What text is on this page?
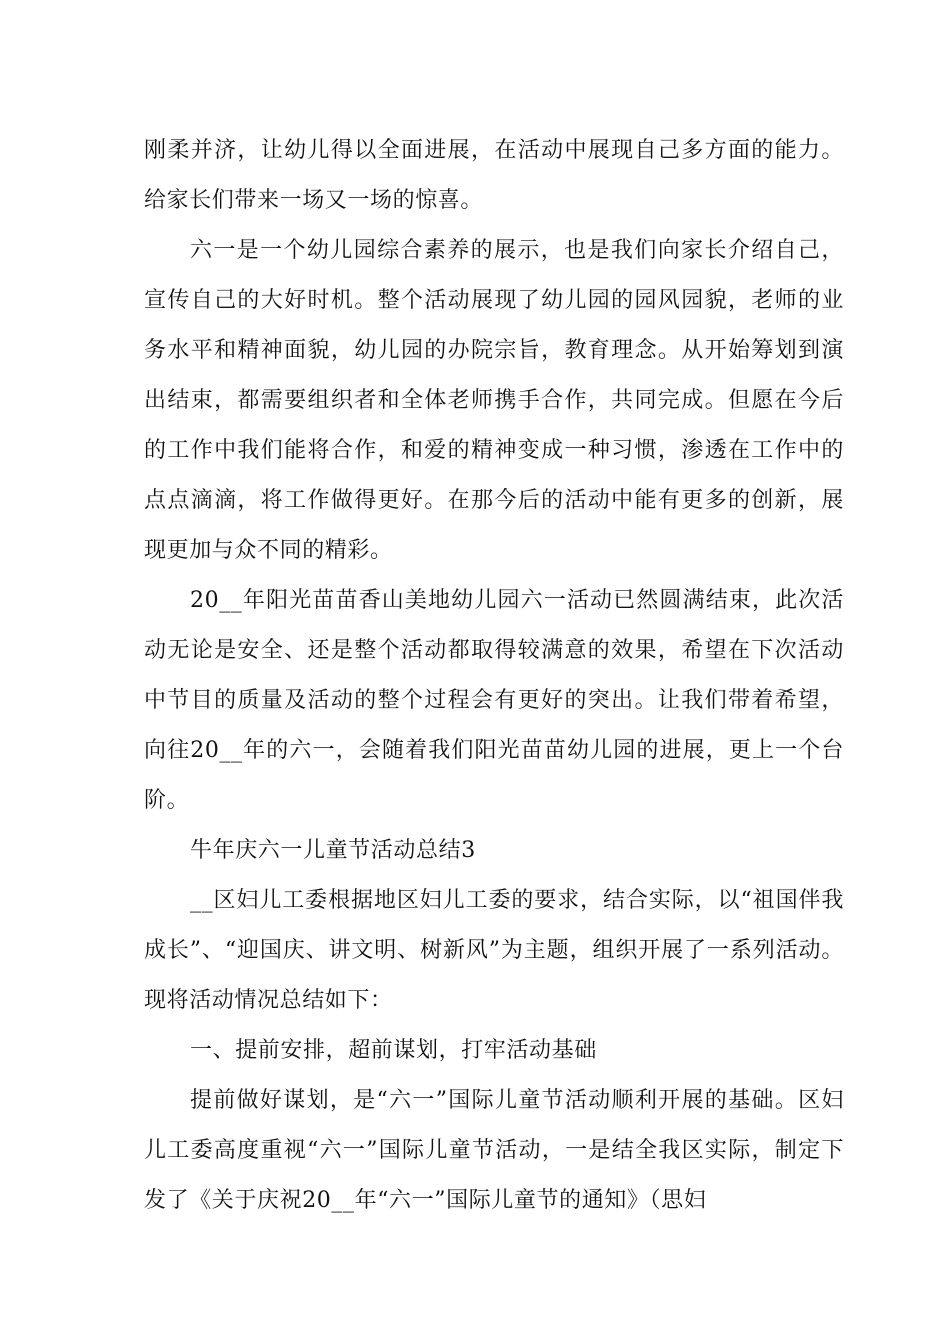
刚柔并济，让幼儿得以全面进展，在活动中展现自己多方面的能力。给家长们带来一场又一场的惊喜。

六一是一个幼儿园综合素养的展示，也是我们向家长介绍自己，宣传自己的大好时机。整个活动展现了幼儿园的园风园貌，老师的业务水平和精神面貌，幼儿园的办院宗旨，教育理念。从开始筹划到演出结束，都需要组织者和全体老师携手合作，共同完成。但愿在今后的工作中我们能将合作，和爱的精神变成一种习惯，渗透在工作中的点点滴滴，将工作做得更好。在那今后的活动中能有更多的创新，展现更加与众不同的精彩。

20__年阳光苗苗香山美地幼儿园六一活动已然圆满结束，此次活动无论是安全、还是整个活动都取得较满意的效果，希望在下次活动中节目的质量及活动的整个过程会有更好的突出。让我们带着希望，向往20__年的六一，会随着我们阳光苗苗幼儿园的进展，更上一个台阶。

牛年庆六一儿童节活动总结3

__区妇儿工委根据地区妇儿工委的要求，结合实际，以“祖国伴我成长”、“迎国庆、讲文明、树新风”为主题，组织开展了一系列活动。现将活动情况总结如下：

一、提前安排，超前谋划，打牢活动基础

提前做好谋划，是“六一”国际儿童节活动顺利开展的基础。区妇儿工委高度重视“六一”国际儿童节活动，一是结全我区实际，制定下发了《关于庆祝20__年“六一”国际儿童节的通知》（思妇
